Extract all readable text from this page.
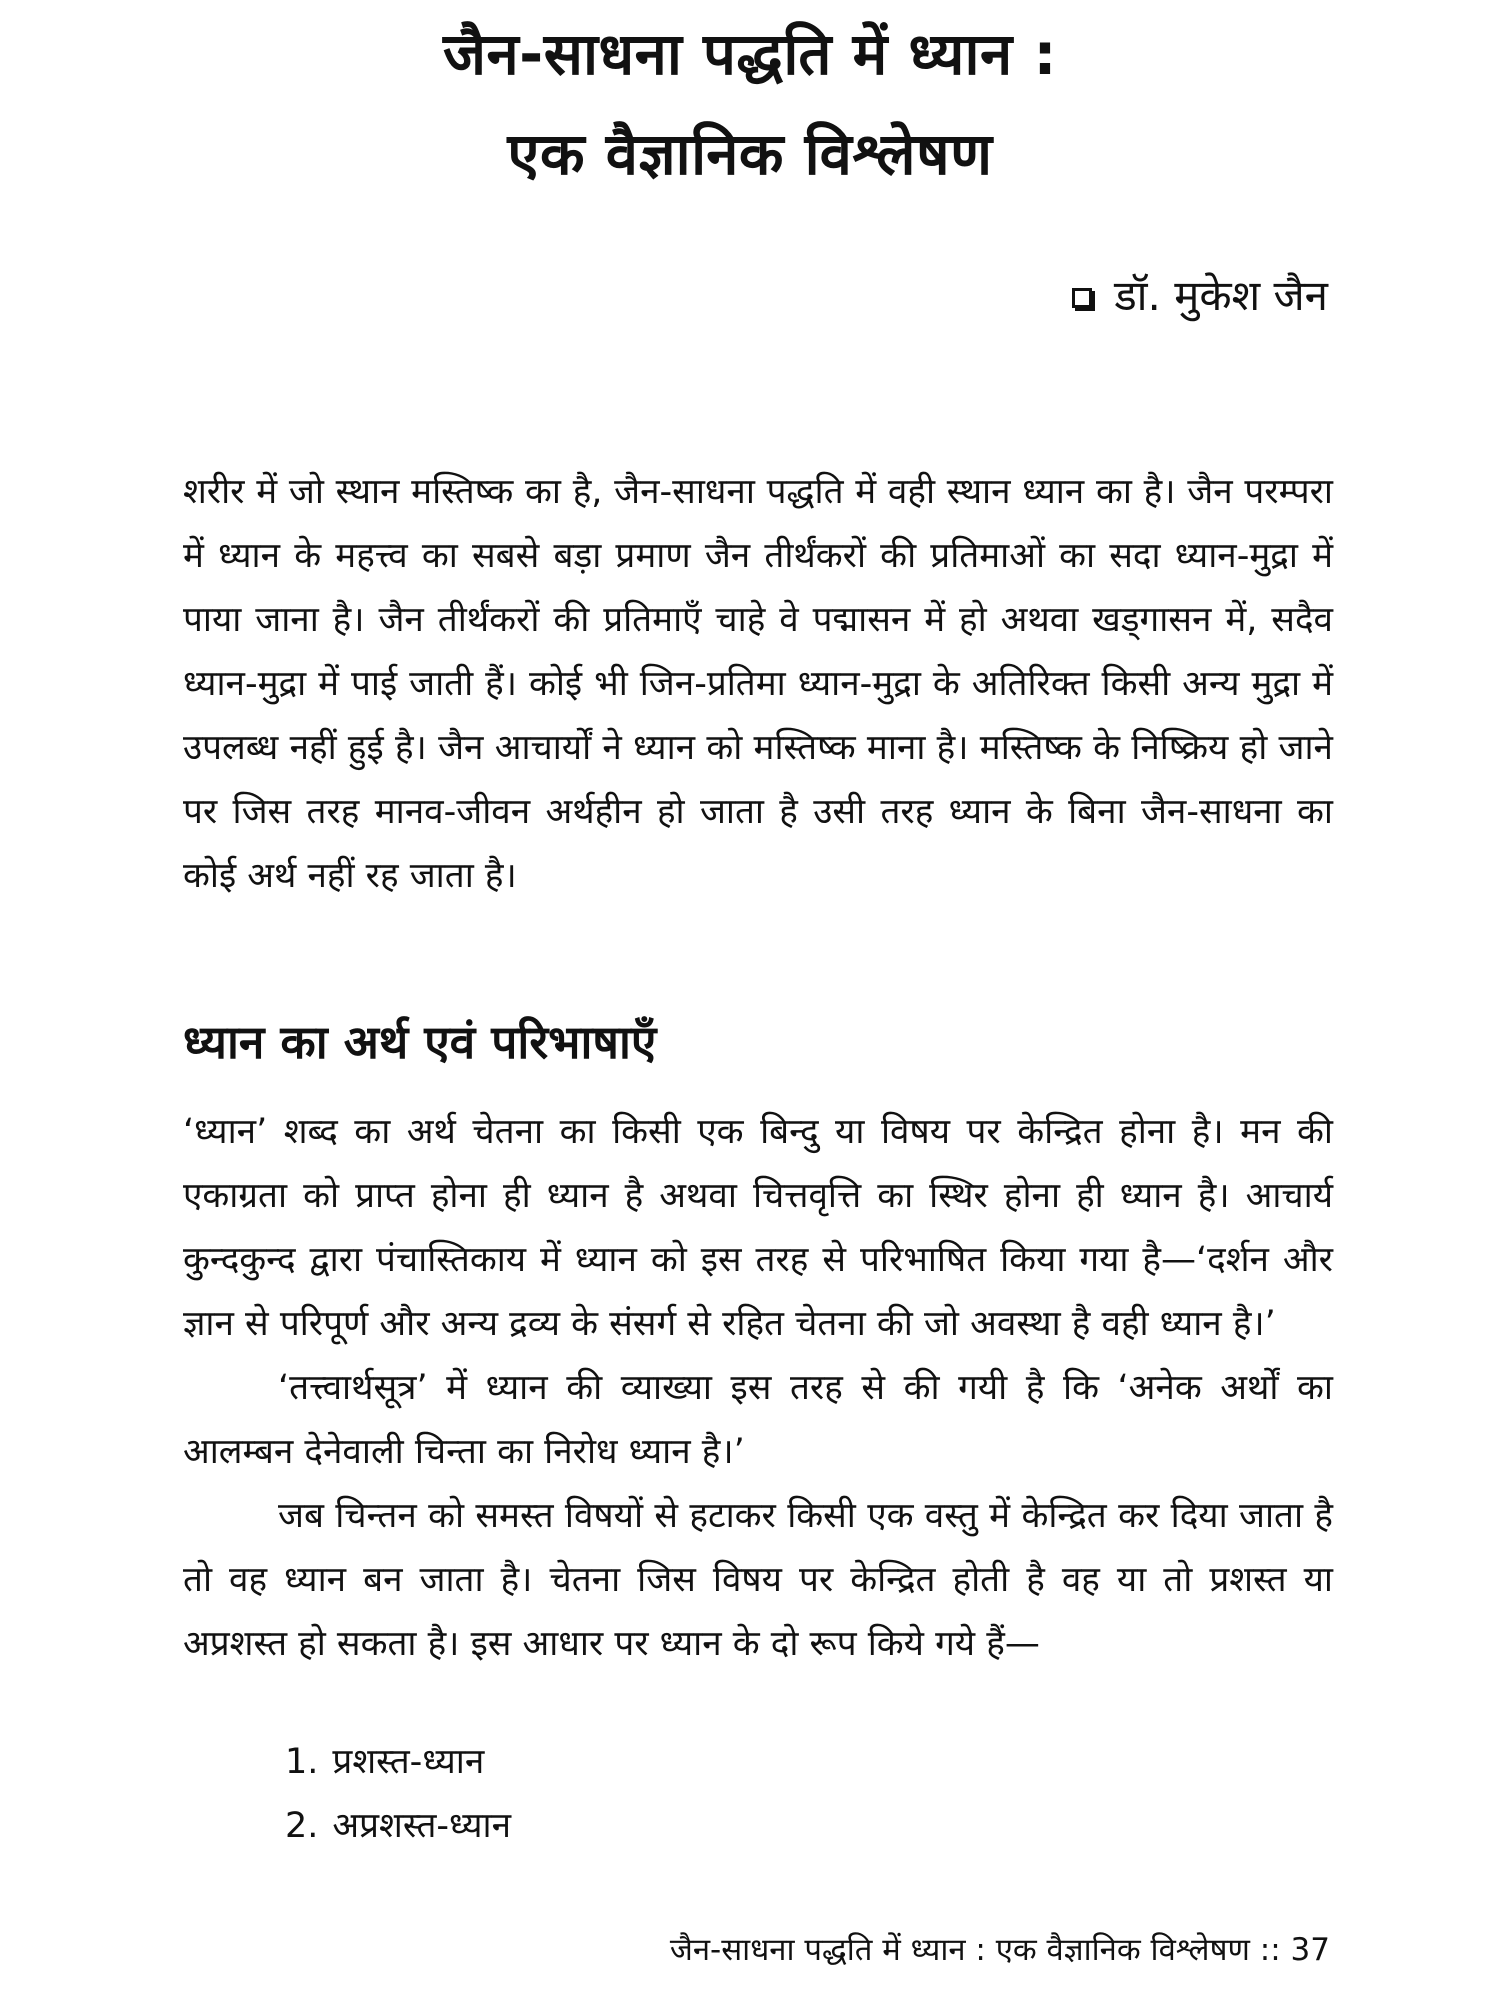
जैन-साधना पद्धति में ध्यान :
एक वैज्ञानिक विश्लेषण
डॉ. मुकेश जैन
शरीर में जो स्थान मस्तिष्क का है, जैन-साधना पद्धति में वही स्थान ध्यान का है। जैन परम्परा में ध्यान के महत्त्व का सबसे बड़ा प्रमाण जैन तीर्थंकरों की प्रतिमाओं का सदा ध्यान-मुद्रा में पाया जाना है। जैन तीर्थंकरों की प्रतिमाएँ चाहे वे पद्मासन में हो अथवा खड्गासन में, सदैव ध्यान-मुद्रा में पाई जाती हैं। कोई भी जिन-प्रतिमा ध्यान-मुद्रा के अतिरिक्त किसी अन्य मुद्रा में उपलब्ध नहीं हुई है। जैन आचार्यों ने ध्यान को मस्तिष्क माना है। मस्तिष्क के निष्क्रिय हो जाने पर जिस तरह मानव-जीवन अर्थहीन हो जाता है उसी तरह ध्यान के बिना जैन-साधना का कोई अर्थ नहीं रह जाता है।
ध्यान का अर्थ एवं परिभाषाएँ

‘ध्यान’ शब्द का अर्थ चेतना का किसी एक बिन्दु या विषय पर केन्द्रित होना है। मन की एकाग्रता को प्राप्त होना ही ध्यान है अथवा चित्तवृत्ति का स्थिर होना ही ध्यान है। आचार्य कुन्दकुन्द द्वारा पंचास्तिकाय में ध्यान को इस तरह से परिभाषित किया गया है—‘दर्शन और ज्ञान से परिपूर्ण और अन्य द्रव्य के संसर्ग से रहित चेतना की जो अवस्था है वही ध्यान है।’

‘तत्त्वार्थसूत्र’ में ध्यान की व्याख्या इस तरह से की गयी है कि ‘अनेक अर्थों का आलम्बन देनेवाली चिन्ता का निरोध ध्यान है।’

जब चिन्तन को समस्त विषयों से हटाकर किसी एक वस्तु में केन्द्रित कर दिया जाता है तो वह ध्यान बन जाता है। चेतना जिस विषय पर केन्द्रित होती है वह या तो प्रशस्त या अप्रशस्त हो सकता है। इस आधार पर ध्यान के दो रूप किये गये हैं—

1. प्रशस्त-ध्यान
2. अप्रशस्त-ध्यान
जैन-साधना पद्धति में ध्यान : एक वैज्ञानिक विश्लेषण :: 37
